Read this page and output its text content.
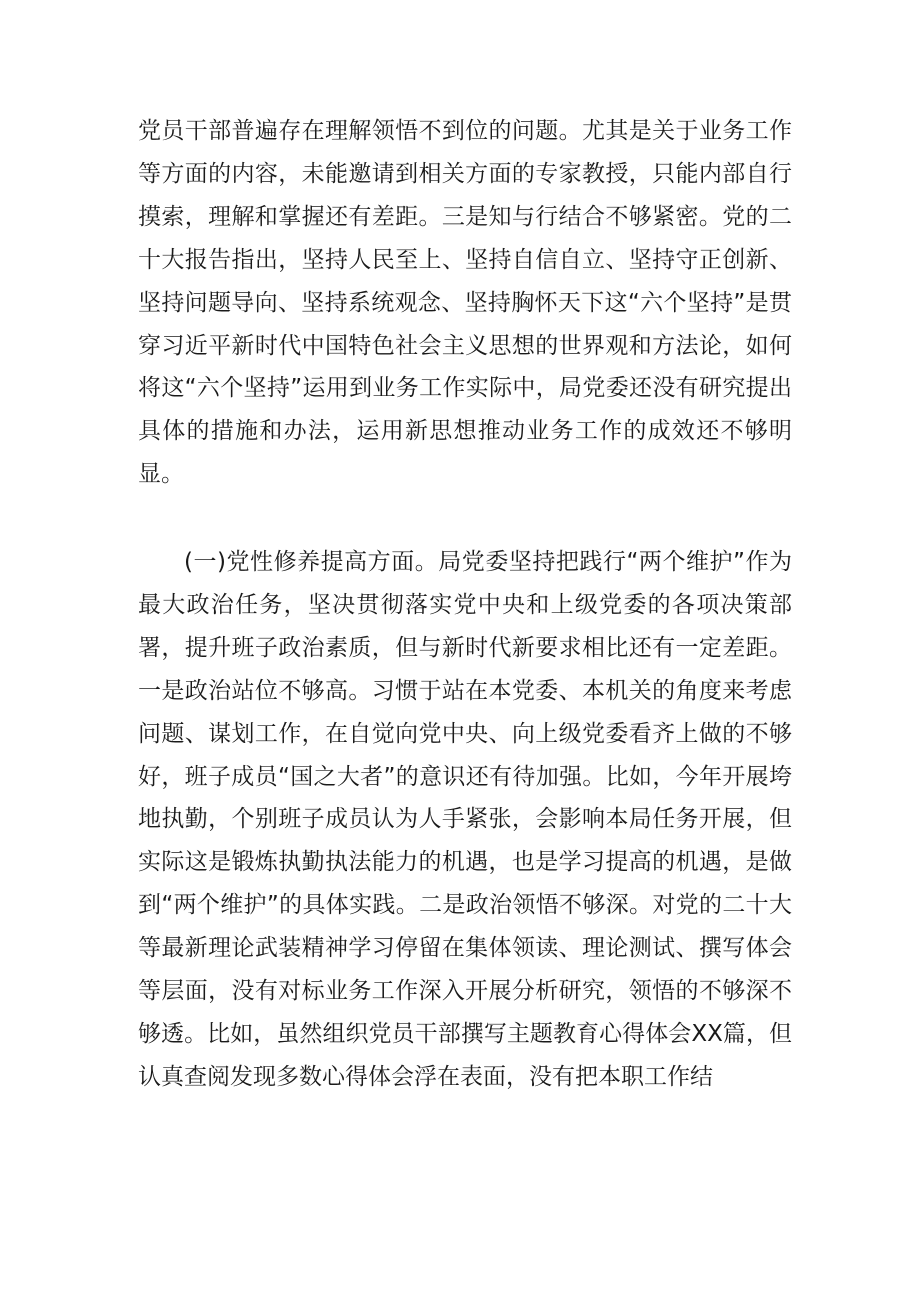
党员干部普遍存在理解领悟不到位的问题。尤其是关于业务工作等方面的内容，未能邀请到相关方面的专家教授，只能内部自行摸索，理解和掌握还有差距。三是知与行结合不够紧密。党的二十大报告指出，坚持人民至上、坚持自信自立、坚持守正创新、坚持问题导向、坚持系统观念、坚持胸怀天下这“六个坚持”是贯穿习近平新时代中国特色社会主义思想的世界观和方法论，如何将这“六个坚持”运用到业务工作实际中，局党委还没有研究提出具体的措施和办法，运用新思想推动业务工作的成效还不够明显。

(一)党性修养提高方面。局党委坚持把践行“两个维护”作为最大政治任务，坚决贯彻落实党中央和上级党委的各项决策部署，提升班子政治素质，但与新时代新要求相比还有一定差距。一是政治站位不够高。习惯于站在本党委、本机关的角度来考虑问题、谋划工作，在自觉向党中央、向上级党委看齐上做的不够好，班子成员“国之大者”的意识还有待加强。比如，今年开展垮地执勤，个别班子成员认为人手紧张，会影响本局任务开展，但实际这是锻炼执勤执法能力的机遇，也是学习提高的机遇，是做到“两个维护”的具体实践。二是政治领悟不够深。对党的二十大等最新理论武装精神学习停留在集体领读、理论测试、撰写体会等层面，没有对标业务工作深入开展分析研究，领悟的不够深不够透。比如，虽然组织党员干部撰写主题教育心得体会XX篇，但认真查阅发现多数心得体会浮在表面，没有把本职工作结
